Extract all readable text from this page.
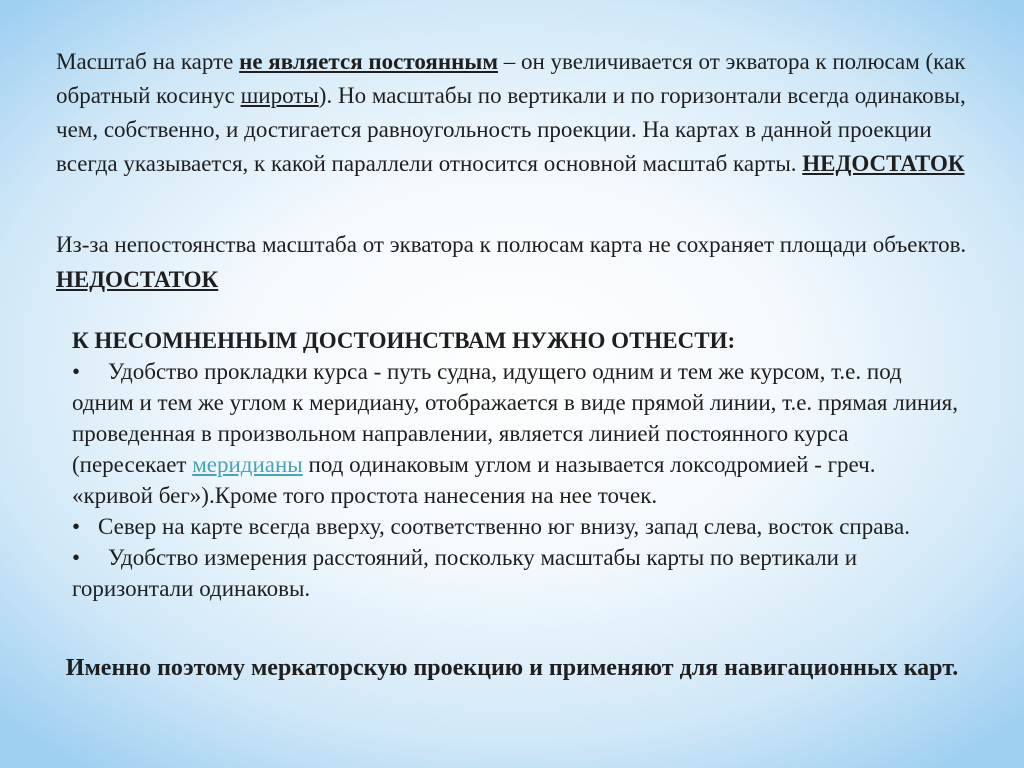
Масштаб на карте не является постоянным – он увеличивается от экватора к полюсам (как обратный косинус широты). Но масштабы по вертикали и по горизонтали всегда одинаковы, чем, собственно, и достигается равноугольность проекции. На картах в данной проекции всегда указывается, к какой параллели относится основной масштаб карты. НЕДОСТАТОК

Из-за непостоянства масштаба от экватора к полюсам карта не сохраняет площади объектов. НЕДОСТАТОК

К НЕСОМНЕННЫМ ДОСТОИНСТВАМ НУЖНО ОТНЕСТИ:

• Удобство прокладки курса - путь судна, идущего одним и тем же курсом, т.е. под одним и тем же углом к меридиану, отображается в виде прямой линии, т.е. прямая линия, проведенная в произвольном направлении, является линией постоянного курса (пересекает меридианы под одинаковым углом и называется локсодромией - греч. «кривой бег»).Кроме того простота нанесения на нее точек.

• Север на карте всегда вверху, соответственно юг внизу, запад слева, восток справа.

• Удобство измерения расстояний, поскольку масштабы карты по вертикали и горизонтали одинаковы.

Именно поэтому меркаторскую проекцию и применяют для навигационных карт.
